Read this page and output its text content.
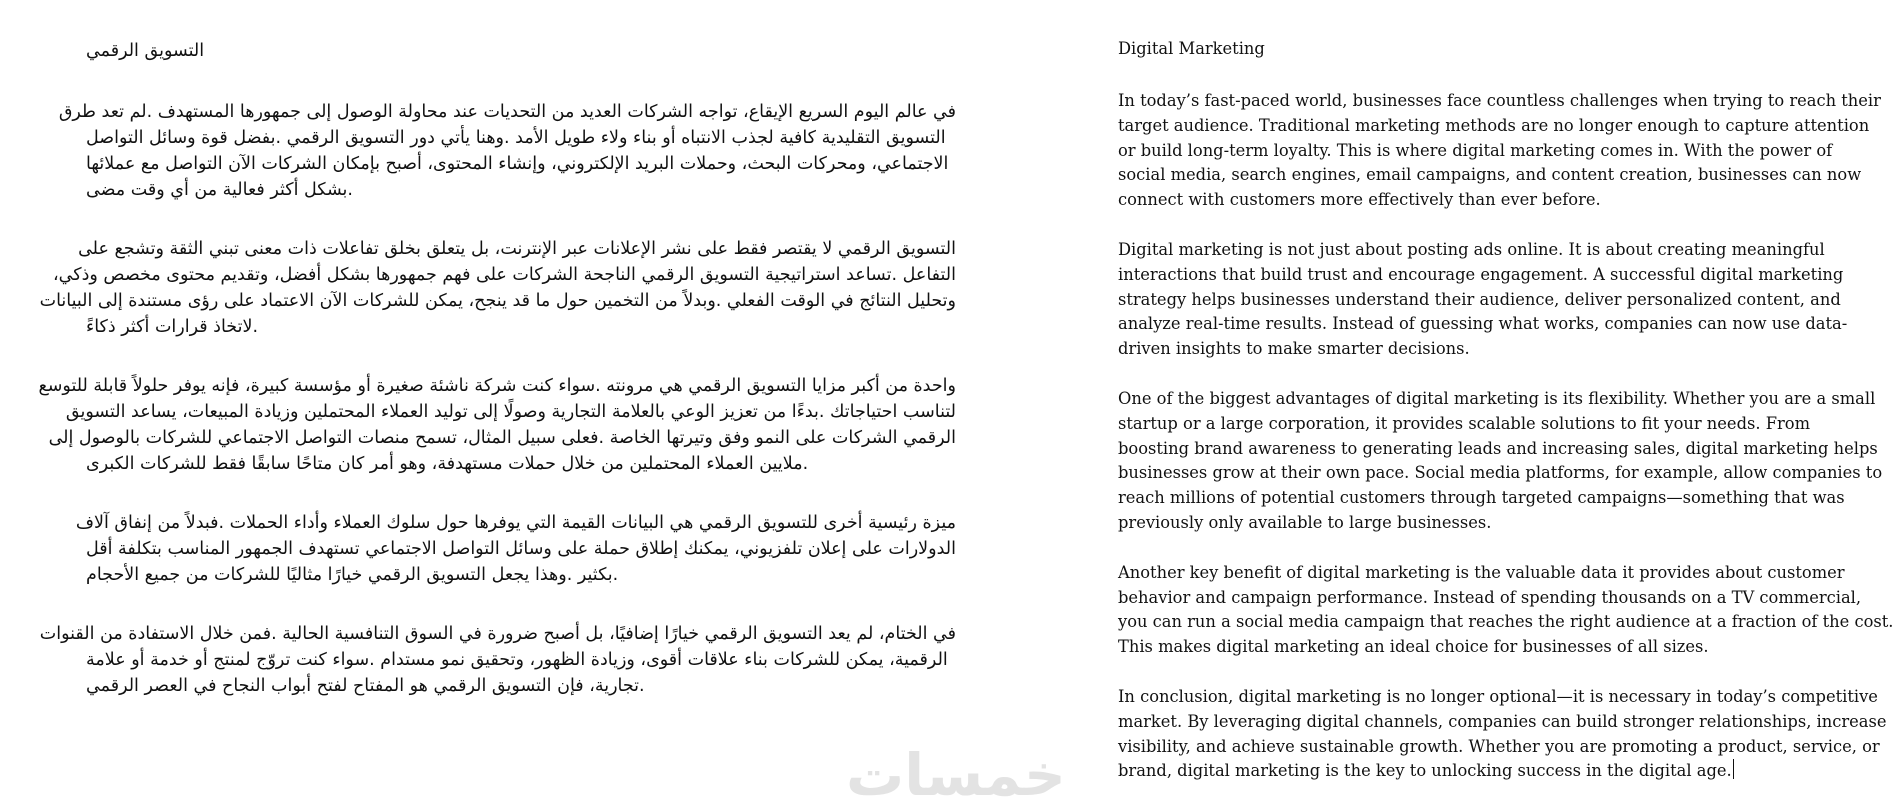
التسويق الرقمي
في عالم اليوم السريع الإيقاع، تواجه الشركات العديد من التحديات عند محاولة الوصول إلى جمهورها المستهدف .لم تعد طرق
التسويق التقليدية كافية لجذب الانتباه أو بناء ولاء طويل الأمد .وهنا يأتي دور التسويق الرقمي .بفضل قوة وسائل التواصل
الاجتماعي، ومحركات البحث، وحملات البريد الإلكتروني، وإنشاء المحتوى، أصبح بإمكان الشركات الآن التواصل مع عملائها
.بشكل أكثر فعالية من أي وقت مضى
التسويق الرقمي لا يقتصر فقط على نشر الإعلانات عبر الإنترنت، بل يتعلق بخلق تفاعلات ذات معنى تبني الثقة وتشجع على
التفاعل .تساعد استراتيجية التسويق الرقمي الناجحة الشركات على فهم جمهورها بشكل أفضل، وتقديم محتوى مخصص وذكي،
وتحليل النتائج في الوقت الفعلي .وبدلاً من التخمين حول ما قد ينجح، يمكن للشركات الآن الاعتماد على رؤى مستندة إلى البيانات
.لاتخاذ قرارات أكثر ذكاءً
واحدة من أكبر مزايا التسويق الرقمي هي مرونته .سواء كنت شركة ناشئة صغيرة أو مؤسسة كبيرة، فإنه يوفر حلولاً قابلة للتوسع
لتناسب احتياجاتك .بدءًا من تعزيز الوعي بالعلامة التجارية وصولًا إلى توليد العملاء المحتملين وزيادة المبيعات، يساعد التسويق
الرقمي الشركات على النمو وفق وتيرتها الخاصة .فعلى سبيل المثال، تسمح منصات التواصل الاجتماعي للشركات بالوصول إلى
.ملايين العملاء المحتملين من خلال حملات مستهدفة، وهو أمر كان متاحًا سابقًا فقط للشركات الكبرى
ميزة رئيسية أخرى للتسويق الرقمي هي البيانات القيمة التي يوفرها حول سلوك العملاء وأداء الحملات .فبدلاً من إنفاق آلاف
الدولارات على إعلان تلفزيوني، يمكنك إطلاق حملة على وسائل التواصل الاجتماعي تستهدف الجمهور المناسب بتكلفة أقل
.بكثير .وهذا يجعل التسويق الرقمي خيارًا مثاليًا للشركات من جميع الأحجام
في الختام، لم يعد التسويق الرقمي خيارًا إضافيًا، بل أصبح ضرورة في السوق التنافسية الحالية .فمن خلال الاستفادة من القنوات
الرقمية، يمكن للشركات بناء علاقات أقوى، وزيادة الظهور، وتحقيق نمو مستدام .سواء كنت تروّج لمنتج أو خدمة أو علامة
.تجارية، فإن التسويق الرقمي هو المفتاح لفتح أبواب النجاح في العصر الرقمي
Digital Marketing
In today’s fast-paced world, businesses face countless challenges when trying to reach their
target audience. Traditional marketing methods are no longer enough to capture attention
or build long-term loyalty. This is where digital marketing comes in. With the power of
social media, search engines, email campaigns, and content creation, businesses can now
connect with customers more effectively than ever before.
Digital marketing is not just about posting ads online. It is about creating meaningful
interactions that build trust and encourage engagement. A successful digital marketing
strategy helps businesses understand their audience, deliver personalized content, and
analyze real-time results. Instead of guessing what works, companies can now use data-
driven insights to make smarter decisions.
One of the biggest advantages of digital marketing is its flexibility. Whether you are a small
startup or a large corporation, it provides scalable solutions to fit your needs. From
boosting brand awareness to generating leads and increasing sales, digital marketing helps
businesses grow at their own pace. Social media platforms, for example, allow companies to
reach millions of potential customers through targeted campaigns—something that was
previously only available to large businesses.
Another key benefit of digital marketing is the valuable data it provides about customer
behavior and campaign performance. Instead of spending thousands on a TV commercial,
you can run a social media campaign that reaches the right audience at a fraction of the cost.
This makes digital marketing an ideal choice for businesses of all sizes.
In conclusion, digital marketing is no longer optional—it is necessary in today’s competitive
market. By leveraging digital channels, companies can build stronger relationships, increase
visibility, and achieve sustainable growth. Whether you are promoting a product, service, or
brand, digital marketing is the key to unlocking success in the digital age.
خمسات
